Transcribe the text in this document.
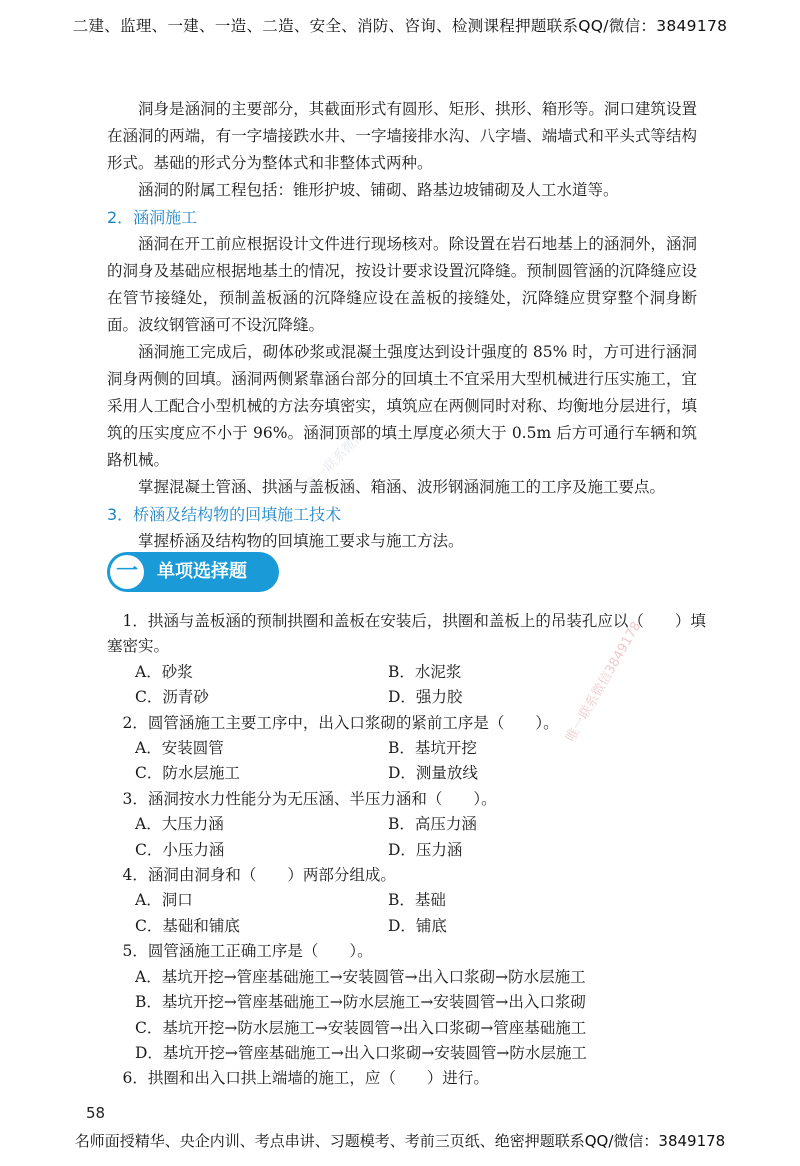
二建、监理、一建、一造、二造、安全、消防、咨询、检测课程押题联系QQ/微信：3849178

洞身是涵洞的主要部分，其截面形式有圆形、矩形、拱形、箱形等。洞口建筑设置在涵洞的两端，有一字墙接跌水井、一字墙接排水沟、八字墙、端墙式和平头式等结构形式。基础的形式分为整体式和非整体式两种。

涵洞的附属工程包括：锥形护坡、铺砌、路基边坡铺砌及人工水道等。

2．涵洞施工

涵洞在开工前应根据设计文件进行现场核对。除设置在岩石地基上的涵洞外，涵洞的洞身及基础应根据地基土的情况，按设计要求设置沉降缝。预制圆管涵的沉降缝应设在管节接缝处，预制盖板涵的沉降缝应设在盖板的接缝处，沉降缝应贯穿整个洞身断面。波纹钢管涵可不设沉降缝。

涵洞施工完成后，砌体砂浆或混凝土强度达到设计强度的 85% 时，方可进行涵洞洞身两侧的回填。涵洞两侧紧靠涵台部分的回填土不宜采用大型机械进行压实施工，宜采用人工配合小型机械的方法夯填密实，填筑应在两侧同时对称、均衡地分层进行，填筑的压实度应不小于 96%。涵洞顶部的填土厚度必须大于 0.5m 后方可通行车辆和筑路机械。

掌握混凝土管涵、拱涵与盖板涵、箱涵、波形钢涵洞施工的工序及施工要点。

3．桥涵及结构物的回填施工技术

掌握桥涵及结构物的回填施工要求与施工方法。

一	单项选择题

1．拱涵与盖板涵的预制拱圈和盖板在安装后，拱圈和盖板上的吊装孔应以（　　）填塞密实。

A．砂浆	B．水泥浆
C．沥青砂	D．强力胶

2．圆管涵施工主要工序中，出入口浆砌的紧前工序是（　　）。

A．安装圆管	B．基坑开挖
C．防水层施工	D．测量放线

3．涵洞按水力性能分为无压涵、半压力涵和（　　）。

A．大压力涵	B．高压力涵
C．小压力涵	D．压力涵

4．涵洞由洞身和（　　）两部分组成。

A．洞口	B．基础
C．基础和铺底	D．铺底

5．圆管涵施工正确工序是（　　）。

A．基坑开挖→管座基础施工→安装圆管→出入口浆砌→防水层施工
B．基坑开挖→管座基础施工→防水层施工→安装圆管→出入口浆砌
C．基坑开挖→防水层施工→安装圆管→出入口浆砌→管座基础施工
D．基坑开挖→管座基础施工→出入口浆砌→安装圆管→防水层施工

6．拱圈和出入口拱上端墙的施工，应（　　）进行。

唯一联系微信3849178
唯一联系微信
58
名师面授精华、央企内训、考点串讲、习题模考、考前三页纸、绝密押题联系QQ/微信：3849178
